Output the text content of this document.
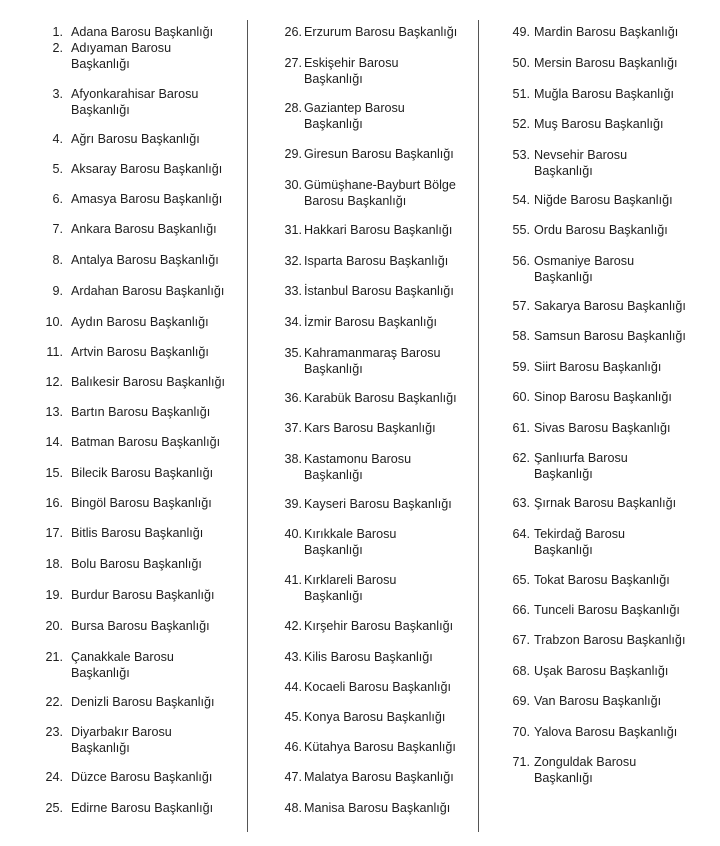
1. Adana Barosu Başkanlığı
2. Adıyaman Barosu
Başkanlığı
3. Afyonkarahisar Barosu
Başkanlığı
4. Ağrı Barosu Başkanlığı
5. Aksaray Barosu Başkanlığı
6. Amasya Barosu Başkanlığı
7. Ankara Barosu Başkanlığı
8. Antalya Barosu Başkanlığı
9. Ardahan Barosu Başkanlığı
10. Aydın Barosu Başkanlığı
11. Artvin Barosu Başkanlığı
12. Balıkesir Barosu Başkanlığı
13. Bartın Barosu Başkanlığı
14. Batman Barosu Başkanlığı
15. Bilecik Barosu Başkanlığı
16. Bingöl Barosu Başkanlığı
17. Bitlis Barosu Başkanlığı
18. Bolu Barosu Başkanlığı
19. Burdur Barosu Başkanlığı
20. Bursa Barosu Başkanlığı
21. Çanakkale Barosu
Başkanlığı
22. Denizli Barosu Başkanlığı
23. Diyarbakır Barosu
Başkanlığı
24. Düzce Barosu Başkanlığı
25. Edirne Barosu Başkanlığı
26. Erzurum Barosu Başkanlığı
27. Eskişehir Barosu
Başkanlığı
28. Gaziantep Barosu
Başkanlığı
29. Giresun Barosu Başkanlığı
30. Gümüşhane-Bayburt Bölge
Barosu Başkanlığı
31. Hakkari Barosu Başkanlığı
32. Isparta Barosu Başkanlığı
33. İstanbul Barosu Başkanlığı
34. İzmir Barosu Başkanlığı
35. Kahramanmaraş Barosu
Başkanlığı
36. Karabük Barosu Başkanlığı
37. Kars Barosu Başkanlığı
38. Kastamonu Barosu
Başkanlığı
39. Kayseri Barosu Başkanlığı
40. Kırıkkale Barosu
Başkanlığı
41. Kırklareli Barosu
Başkanlığı
42. Kırşehir Barosu Başkanlığı
43. Kilis Barosu Başkanlığı
44. Kocaeli Barosu Başkanlığı
45. Konya Barosu Başkanlığı
46. Kütahya Barosu Başkanlığı
47. Malatya Barosu Başkanlığı
48. Manisa Barosu Başkanlığı
49. Mardin Barosu Başkanlığı
50. Mersin Barosu Başkanlığı
51. Muğla Barosu Başkanlığı
52. Muş Barosu Başkanlığı
53. Nevsehir Barosu
Başkanlığı
54. Niğde Barosu Başkanlığı
55. Ordu Barosu Başkanlığı
56. Osmaniye Barosu
Başkanlığı
57. Sakarya Barosu Başkanlığı
58. Samsun Barosu Başkanlığı
59. Siirt Barosu Başkanlığı
60. Sinop Barosu Başkanlığı
61. Sivas Barosu Başkanlığı
62. Şanlıurfa Barosu
Başkanlığı
63. Şırnak Barosu Başkanlığı
64. Tekirdağ Barosu
Başkanlığı
65. Tokat Barosu Başkanlığı
66. Tunceli Barosu Başkanlığı
67. Trabzon Barosu Başkanlığı
68. Uşak Barosu Başkanlığı
69. Van Barosu Başkanlığı
70. Yalova Barosu Başkanlığı
71. Zonguldak Barosu
Başkanlığı
